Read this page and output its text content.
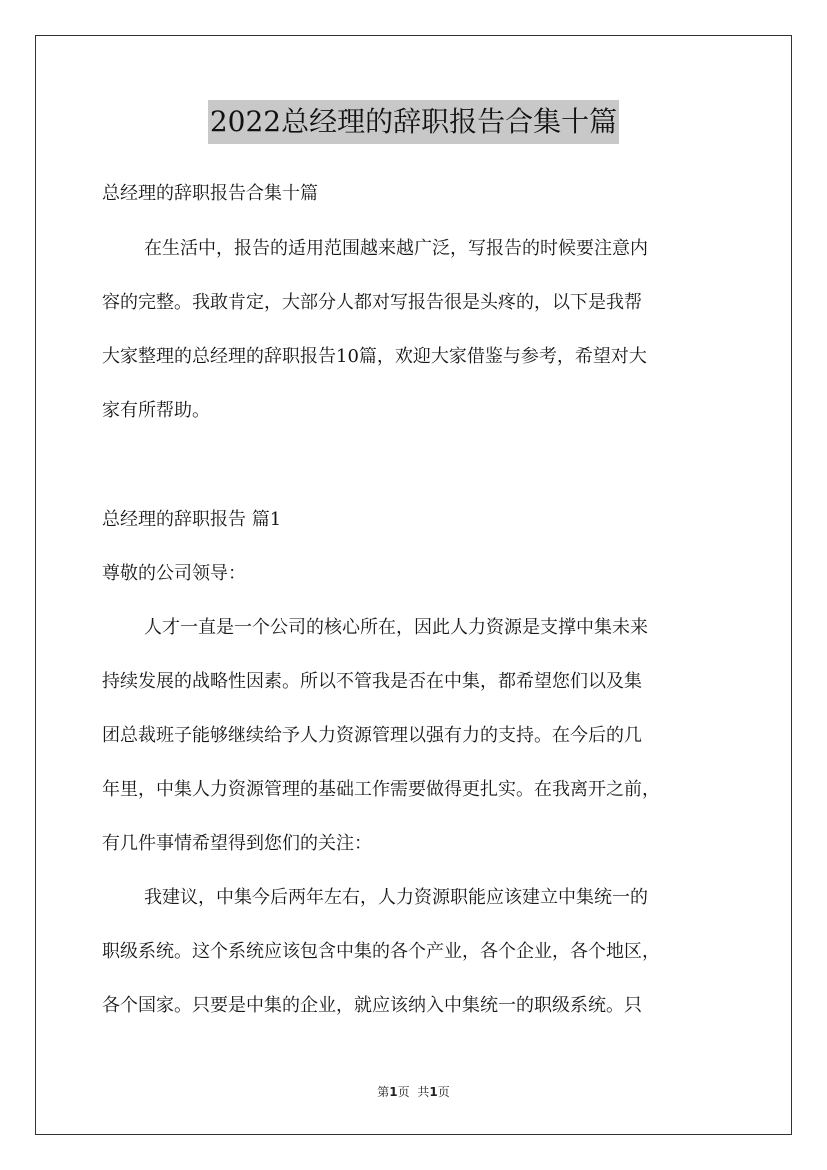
2022总经理的辞职报告合集十篇
总经理的辞职报告合集十篇
在生活中，报告的适用范围越来越广泛，写报告的时候要注意内
容的完整。我敢肯定，大部分人都对写报告很是头疼的，以下是我帮
大家整理的总经理的辞职报告10篇，欢迎大家借鉴与参考，希望对大
家有所帮助。
总经理的辞职报告 篇1
尊敬的公司领导：
人才一直是一个公司的核心所在，因此人力资源是支撑中集未来
持续发展的战略性因素。所以不管我是否在中集，都希望您们以及集
团总裁班子能够继续给予人力资源管理以强有力的支持。在今后的几
年里，中集人力资源管理的基础工作需要做得更扎实。在我离开之前，
有几件事情希望得到您们的关注：
我建议，中集今后两年左右，人力资源职能应该建立中集统一的
职级系统。这个系统应该包含中集的各个产业，各个企业，各个地区，
各个国家。只要是中集的企业，就应该纳入中集统一的职级系统。只
第1页 共1页
